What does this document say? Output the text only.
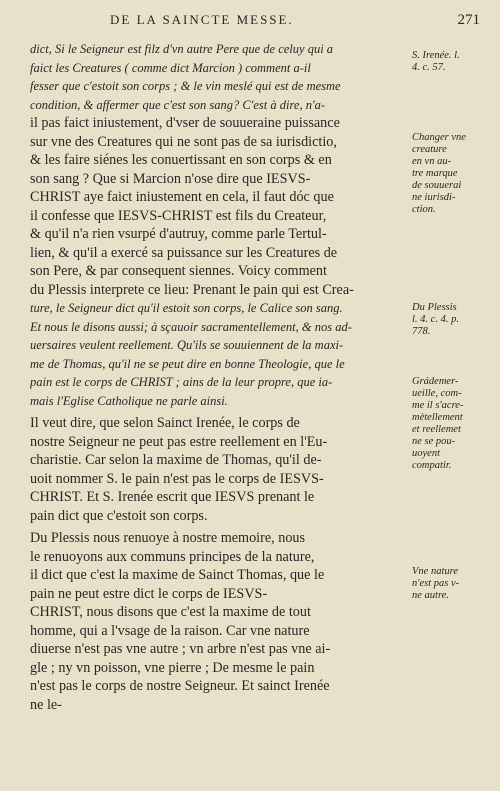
DE LA SAINCTE MESSE.	271
dict, Si le Seigneur est filz d'vn autre Pere que de celuy qui a
faict les Creatures ( comme dict Marcion ) comment a-il
fesser que c'estoit son corps ; & le vin meslé qui est de mesme
condition, & affermer que c'est son sang? C'est à dire, n'a-
il pas faict iniustement, d'vser de souueraine puissance
sur vne des Creatures qui ne sont pas de sa iurisdictio,
& les faire siénes les conuertissant en son corps & en
son sang ? Que si Marcion n'ose dire que IESVS-
CHRIST aye faict iniustement en cela, il faut dóc que
il confesse que IESVS-CHRIST est fils du Createur,
& qu'il n'a rien vsurpé d'autruy, comme parle Tertul-
lien, & qu'il a exercé sa puissance sur les Creatures de
son Pere, & par consequent siennes. Voicy comment
du Plessis interprete ce lieu: Prenant le pain qui est Crea-
ture, le Seigneur dict qu'il estoit son corps, le Calice son sang.
Et nous le disons aussi; à sçauoir sacramentellement, & nos ad-
uersaires veulent reellement. Qu'ils se souuiennent de la maxi-
me de Thomas, qu'il ne se peut dire en bonne Theologie, que le
pain est le corps de CHRIST ; ains de la leur propre, que ia-
mais l'Eglise Catholique ne parle ainsi.
Il veut dire, que selon Sainct Irenée, le corps de
nostre Seigneur ne peut pas estre reellement en l'Eu-
charistie. Car selon la maxime de Thomas, qu'il de-
uoit nommer S. le pain n'est pas le corps de IESVS-
CHRIST. Et S. Irenée escrit que IESVS prenant le
pain dict que c'estoit son corps.
Du Plessis nous renuoye à nostre memoire, nous
le renuoyons aux communs principes de la nature,
il dict que c'est la maxime de Sainct Thomas, que le
pain ne peut estre dict le corps de IESVS-
CHRIST, nous disons que c'est la maxime de tout
homme, qui a l'vsage de la raison. Car vne nature
diuerse n'est pas vne autre ; vn arbre n'est pas vne ai-
gle ; ny vn poisson, vne pierre ; De mesme le pain
n'est pas le corps de nostre Seigneur. Et sainct Irenée
ne le-
S. Irenée. l.
4. c. 57.
Changer vne
creature
en vn au-
tre marque
de souuerai
ne iurisdi-
ction.
Du Plessis
l. 4. c. 4. p.
778.
Grádemer-
ueille, com-
me il s'acre-
mètellement
et reellemet
ne se pou-
uoyent
compatir.
Vne nature
n'est pas v-
ne autre.
